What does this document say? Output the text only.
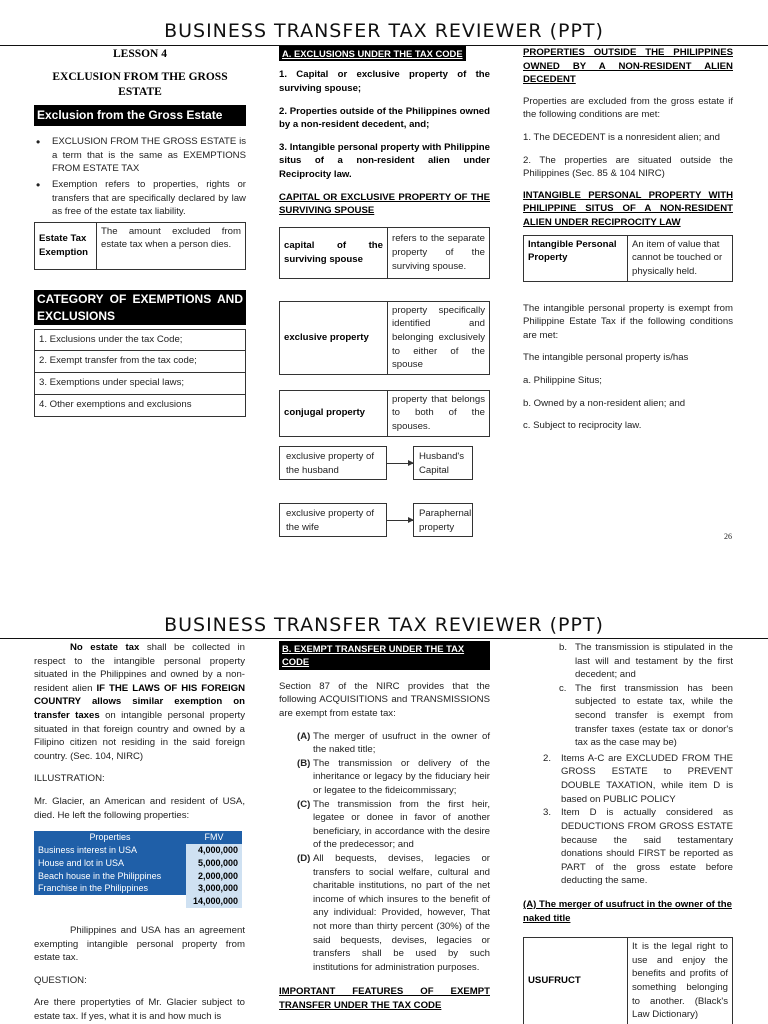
BUSINESS TRANSFER TAX REVIEWER (PPT)
LESSON 4
EXCLUSION FROM THE GROSS ESTATE
Exclusion from the Gross Estate
• EXCLUSION FROM THE GROSS ESTATE is a term that is the same as EXEMPTIONS FROM ESTATE TAX
• Exemption refers to properties, rights or transfers that are specifically declared by law as free of the estate tax liability.
Estate Tax Exemption	The amount excluded from estate tax when a person dies.
CATEGORY OF EXEMPTIONS AND EXCLUSIONS
1. Exclusions under the tax Code;
2. Exempt transfer from the tax code;
3. Exemptions under special laws;
4. Other exemptions and exclusions
A. EXCLUSIONS UNDER THE TAX CODE

1. Capital or exclusive property of the surviving spouse;

2. Properties outside of the Philippines owned by a non-resident decedent, and;

3. Intangible personal property with Philippine situs of a non-resident alien under Reciprocity law.

CAPITAL OR EXCLUSIVE PROPERTY OF THE SURVIVING SPOUSE
capital of the surviving spouse	refers to the separate property of the surviving spouse.
exclusive property	property specifically identified and belonging exclusively to either of the spouse

conjugal property	property that belongs to both of the spouses.
exclusive property of the husband
Husband's Capital
exclusive property of the wife
Paraphernal property
PROPERTIES OUTSIDE THE PHILIPPINES OWNED BY A NON-RESIDENT ALIEN DECEDENT

Properties are excluded from the gross estate if the following conditions are met:

1. The DECEDENT is a nonresident alien; and

2. The properties are situated outside the Philippines (Sec. 85 & 104 NIRC)

INTANGIBLE PERSONAL PROPERTY WITH PHILIPPINE SITUS OF A NON-RESIDENT ALIEN UNDER RECIPROCITY LAW
Intangible Personal Property	An item of value that cannot be touched or physically held.

The intangible personal property is exempt from Philippine Estate Tax if the following conditions are met:

The intangible personal property is/has

a. Philippine Situs;

b. Owned by a non-resident alien; and

c. Subject to reciprocity law.

26
BUSINESS TRANSFER TAX REVIEWER (PPT)

No estate tax shall be collected in respect to the intangible personal property situated in the Philippines and owned by a non-resident alien IF THE LAWS OF HIS FOREIGN COUNTRY allows similar exemption on transfer taxes on intangible personal property situated in that foreign country and owned by a Filipino citizen not residing in the said foreign country. (Sec. 104, NIRC)

ILLUSTRATION:

Mr. Glacier, an American and resident of USA, died. He left the following properties:

Properties	FMV
Business interest in USA	4,000,000
House and lot in USA	5,000,000
Beach house in the Philippines	2,000,000
Franchise in the Philippines	3,000,000
	14,000,000

Philippines and USA has an agreement exempting intangible personal property from estate tax.

QUESTION:

Are there propertyties of Mr. Glacier subject to estate tax. If yes, what it is and how much is

B. EXEMPT TRANSFER UNDER THE TAX CODE

Section 87 of the NIRC provides that the following ACQUISITIONS and TRANSMISSIONS are exempt from estate tax:

(A) The merger of usufruct in the owner of the naked title;
(B) The transmission or delivery of the inheritance or legacy by the fiduciary heir or legatee to the fideicommissary;
(C) The transmission from the first heir, legatee or donee in favor of another beneficiary, in accordance with the desire of the predecessor; and
(D) All bequests, devises, legacies or transfers to social welfare, cultural and charitable institutions, no part of the net income of which insures to the benefit of any individual: Provided, however, That not more than thirty percent (30%) of the said bequests, devises, legacies or transfers shall be used by such institutions for administration purposes.
IMPORTANT FEATURES OF EXEMPT TRANSFER UNDER THE TAX CODE
b. The transmission is stipulated in the last will and testament by the first decedent; and
c. The first transmission has been subjected to estate tax, while the second transfer is exempt from transfer taxes (estate tax or donor's tax as the case may be)
2. Items A-C are EXCLUDED FROM THE GROSS ESTATE to PREVENT DOUBLE TAXATION, while item D is based on PUBLIC POLICY
3. Item D is actually considered as DEDUCTIONS FROM GROSS ESTATE because the said testamentary donations should FIRST be reported as PART of the gross estate before deducting the same.
(A) The merger of usufruct in the owner of the naked title
USUFRUCT	It is the legal right to use and enjoy the benefits and profits of something belonging to another. (Black's Law Dictionary)
